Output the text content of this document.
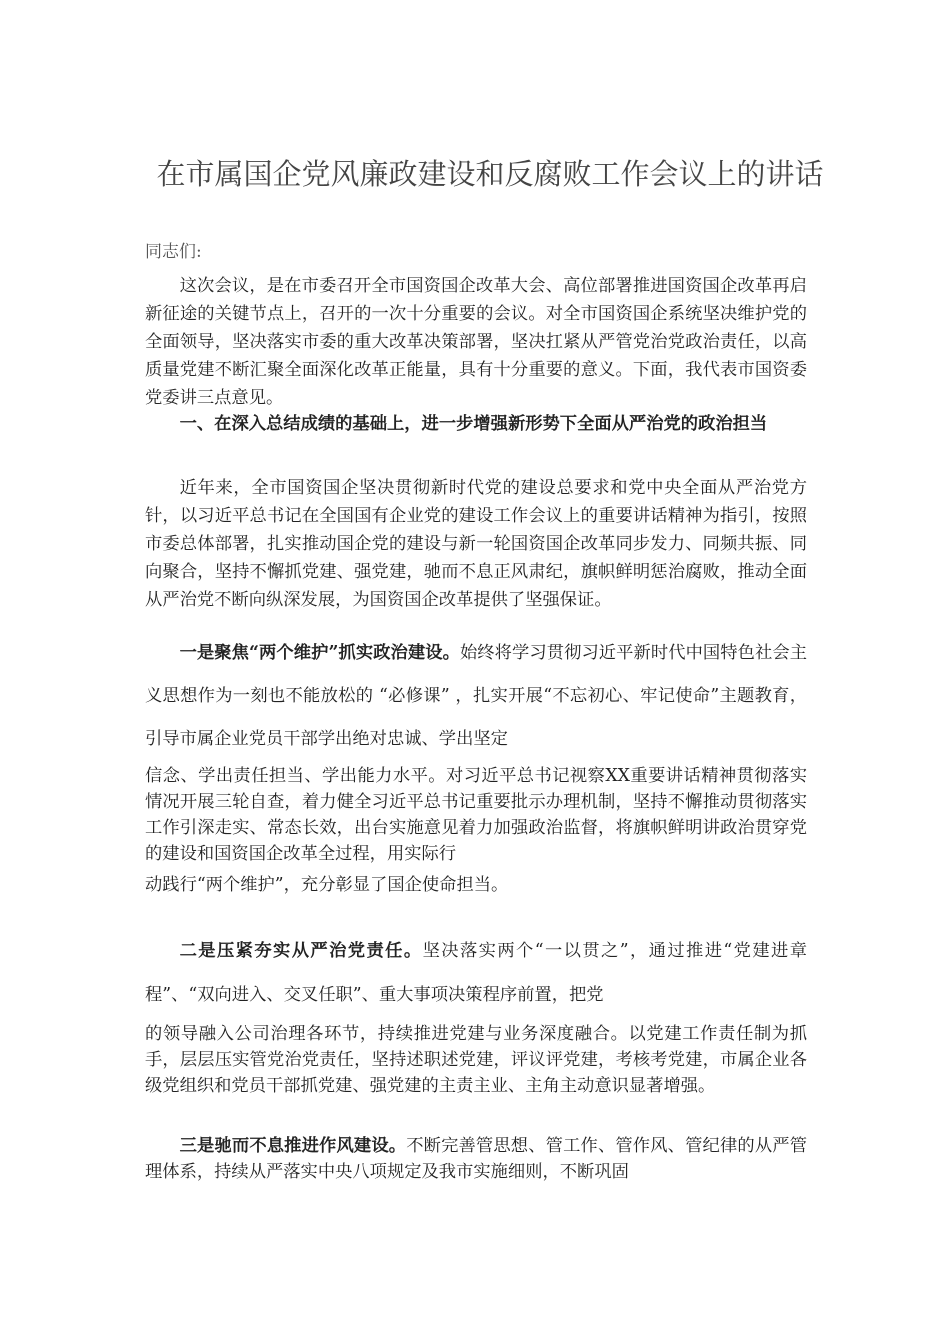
在市属国企党风廉政建设和反腐败工作会议上的讲话
同志们:
这次会议，是在市委召开全市国资国企改革大会、高位部署推进国资国企改革再启新征途的关键节点上，召开的一次十分重要的会议。对全市国资国企系统坚决维护党的全面领导，坚决落实市委的重大改革决策部署，坚决扛紧从严管党治党政治责任，以高质量党建不断汇聚全面深化改革正能量，具有十分重要的意义。下面，我代表市国资委党委讲三点意见。
一、在深入总结成绩的基础上，进一步增强新形势下全面从严治党的政治担当
近年来，全市国资国企坚决贯彻新时代党的建设总要求和党中央全面从严治党方针，以习近平总书记在全国国有企业党的建设工作会议上的重要讲话精神为指引，按照市委总体部署，扎实推动国企党的建设与新一轮国资国企改革同步发力、同频共振、同向聚合，坚持不懈抓党建、强党建，驰而不息正风肃纪，旗帜鲜明惩治腐败，推动全面从严治党不断向纵深发展，为国资国企改革提供了坚强保证。
一是聚焦“两个维护”抓实政治建设。始终将学习贯彻习近平新时代中国特色社会主义思想作为一刻也不能放松的 “必修课” ，扎实开展“不忘初心、牢记使命”主题教育，引导市属企业党员干部学出绝对忠诚、学出坚定
信念、学出责任担当、学出能力水平。对习近平总书记视察XX重要讲话精神贯彻落实情况开展三轮自查，着力健全习近平总书记重要批示办理机制，坚持不懈推动贯彻落实工作引深走实、常态长效，出台实施意见着力加强政治监督，将旗帜鲜明讲政治贯穿党的建设和国资国企改革全过程，用实际行
动践行“两个维护”，充分彰显了国企使命担当。
二是压紧夯实从严治党责任。坚决落实两个“一以贯之”，通过推进“党建进章程”、“双向进入、交叉任职”、重大事项决策程序前置，把党
的领导融入公司治理各环节，持续推进党建与业务深度融合。以党建工作责任制为抓手，层层压实管党治党责任，坚持述职述党建，评议评党建，考核考党建，市属企业各级党组织和党员干部抓党建、强党建的主责主业、主角主动意识显著增强。
三是驰而不息推进作风建设。不断完善管思想、管工作、管作风、管纪律的从严管理体系，持续从严落实中央八项规定及我市实施细则，不断巩固
